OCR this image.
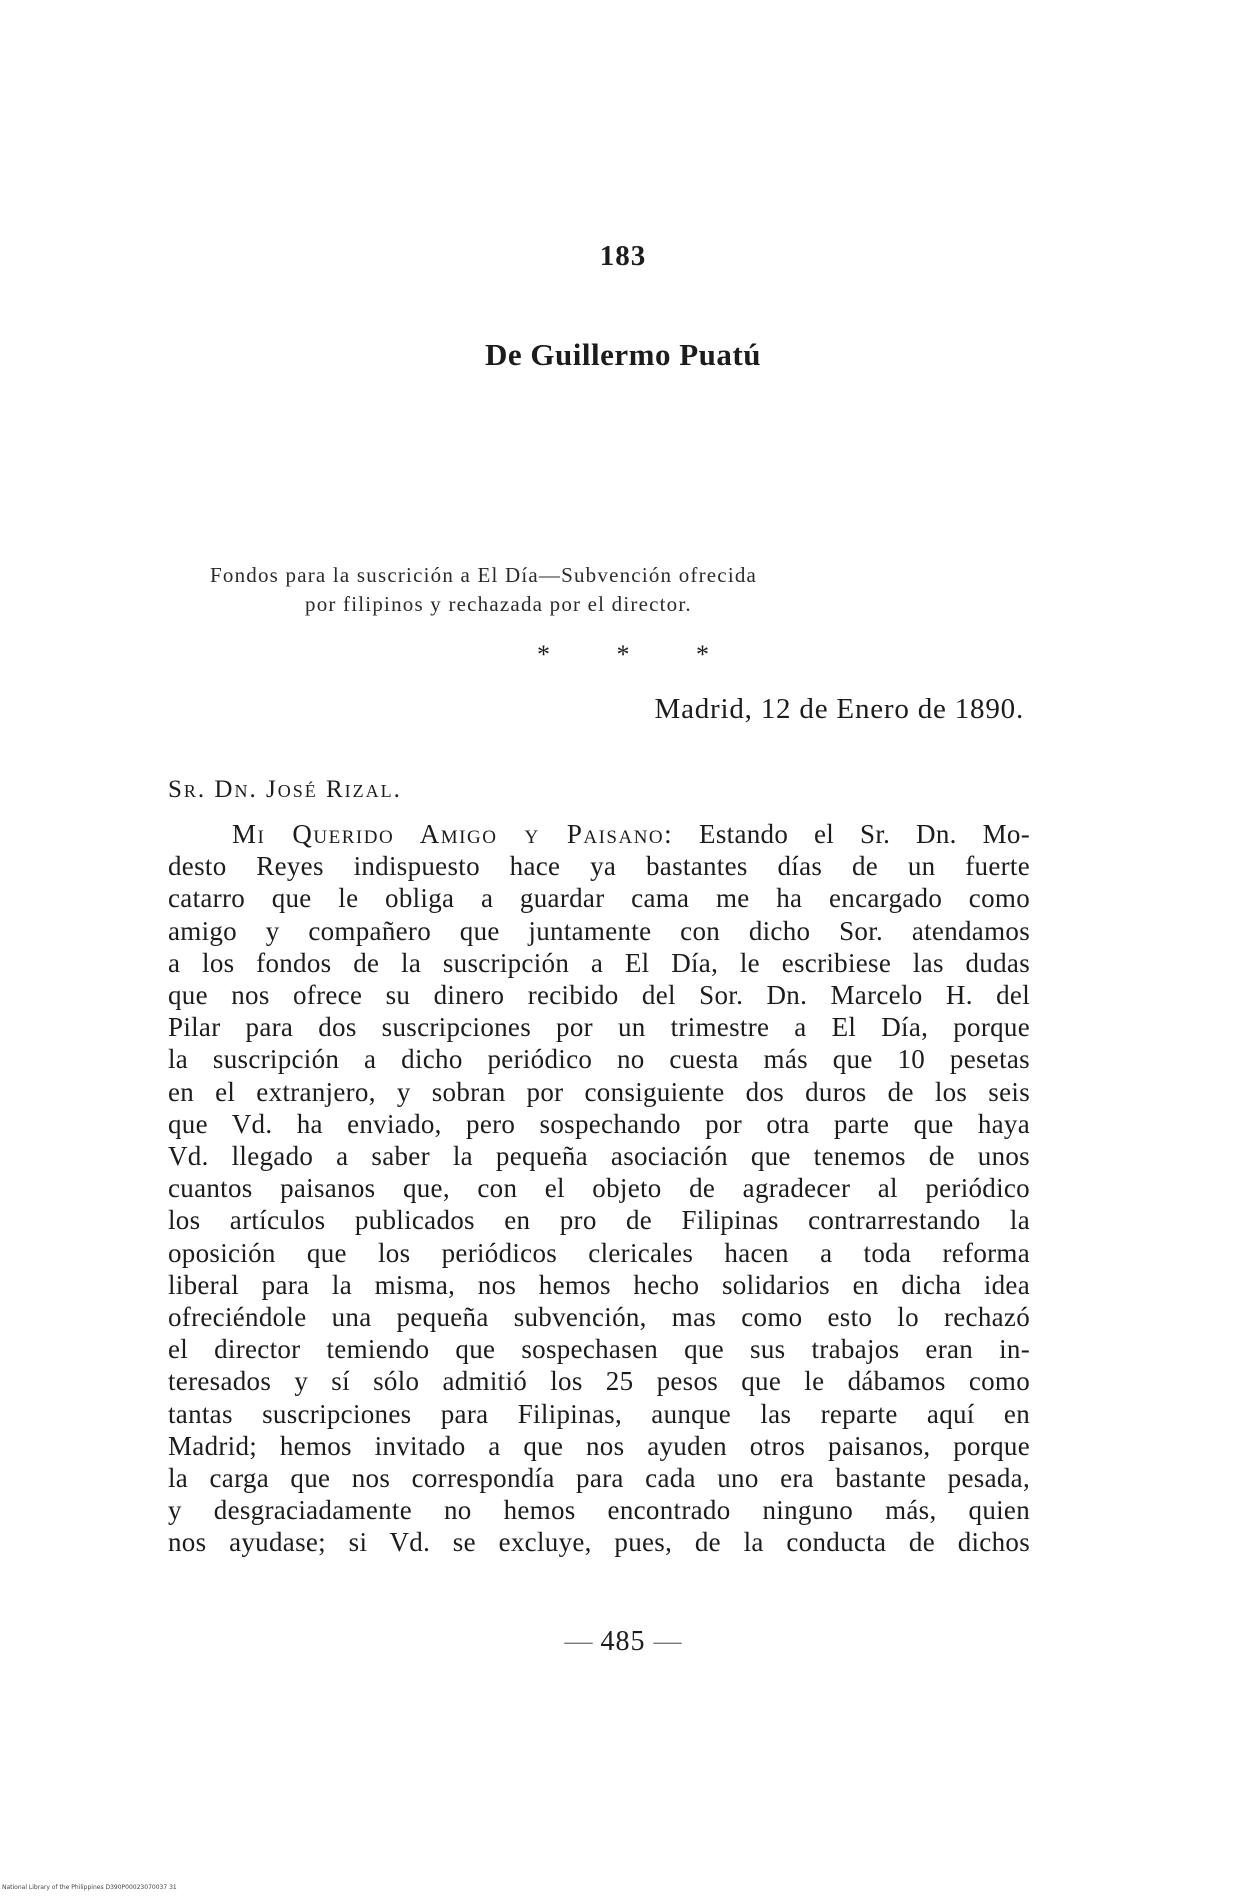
183
De Guillermo Puatú
Fondos para la suscrición a El Día—Subvención ofrecida
por filipinos y rechazada por el director.
* * *
Madrid, 12 de Enero de 1890.
Sr. Dn. José Rizal.
Mi Querido Amigo y Paisano: Estando el Sr. Dn. Mo-
desto Reyes indispuesto hace ya bastantes días de un fuerte
catarro que le obliga a guardar cama me ha encargado como
amigo y compañero que juntamente con dicho Sor. atendamos
a los fondos de la suscripción a El Día, le escribiese las dudas
que nos ofrece su dinero recibido del Sor. Dn. Marcelo H. del
Pilar para dos suscripciones por un trimestre a El Día, porque
la suscripción a dicho periódico no cuesta más que 10 pesetas
en el extranjero, y sobran por consiguiente dos duros de los seis
que Vd. ha enviado, pero sospechando por otra parte que haya
Vd. llegado a saber la pequeña asociación que tenemos de unos
cuantos paisanos que, con el objeto de agradecer al periódico
los artículos publicados en pro de Filipinas contrarrestando la
oposición que los periódicos clericales hacen a toda reforma
liberal para la misma, nos hemos hecho solidarios en dicha idea
ofreciéndole una pequeña subvención, mas como esto lo rechazó
el director temiendo que sospechasen que sus trabajos eran in-
teresados y sí sólo admitió los 25 pesos que le dábamos como
tantas suscripciones para Filipinas, aunque las reparte aquí en
Madrid; hemos invitado a que nos ayuden otros paisanos, porque
la carga que nos correspondía para cada uno era bastante pesada,
y desgraciadamente no hemos encontrado ninguno más, quien
nos ayudase; si Vd. se excluye, pues, de la conducta de dichos
— 485 —
National Library of the Philippines D390P00023070037 31
